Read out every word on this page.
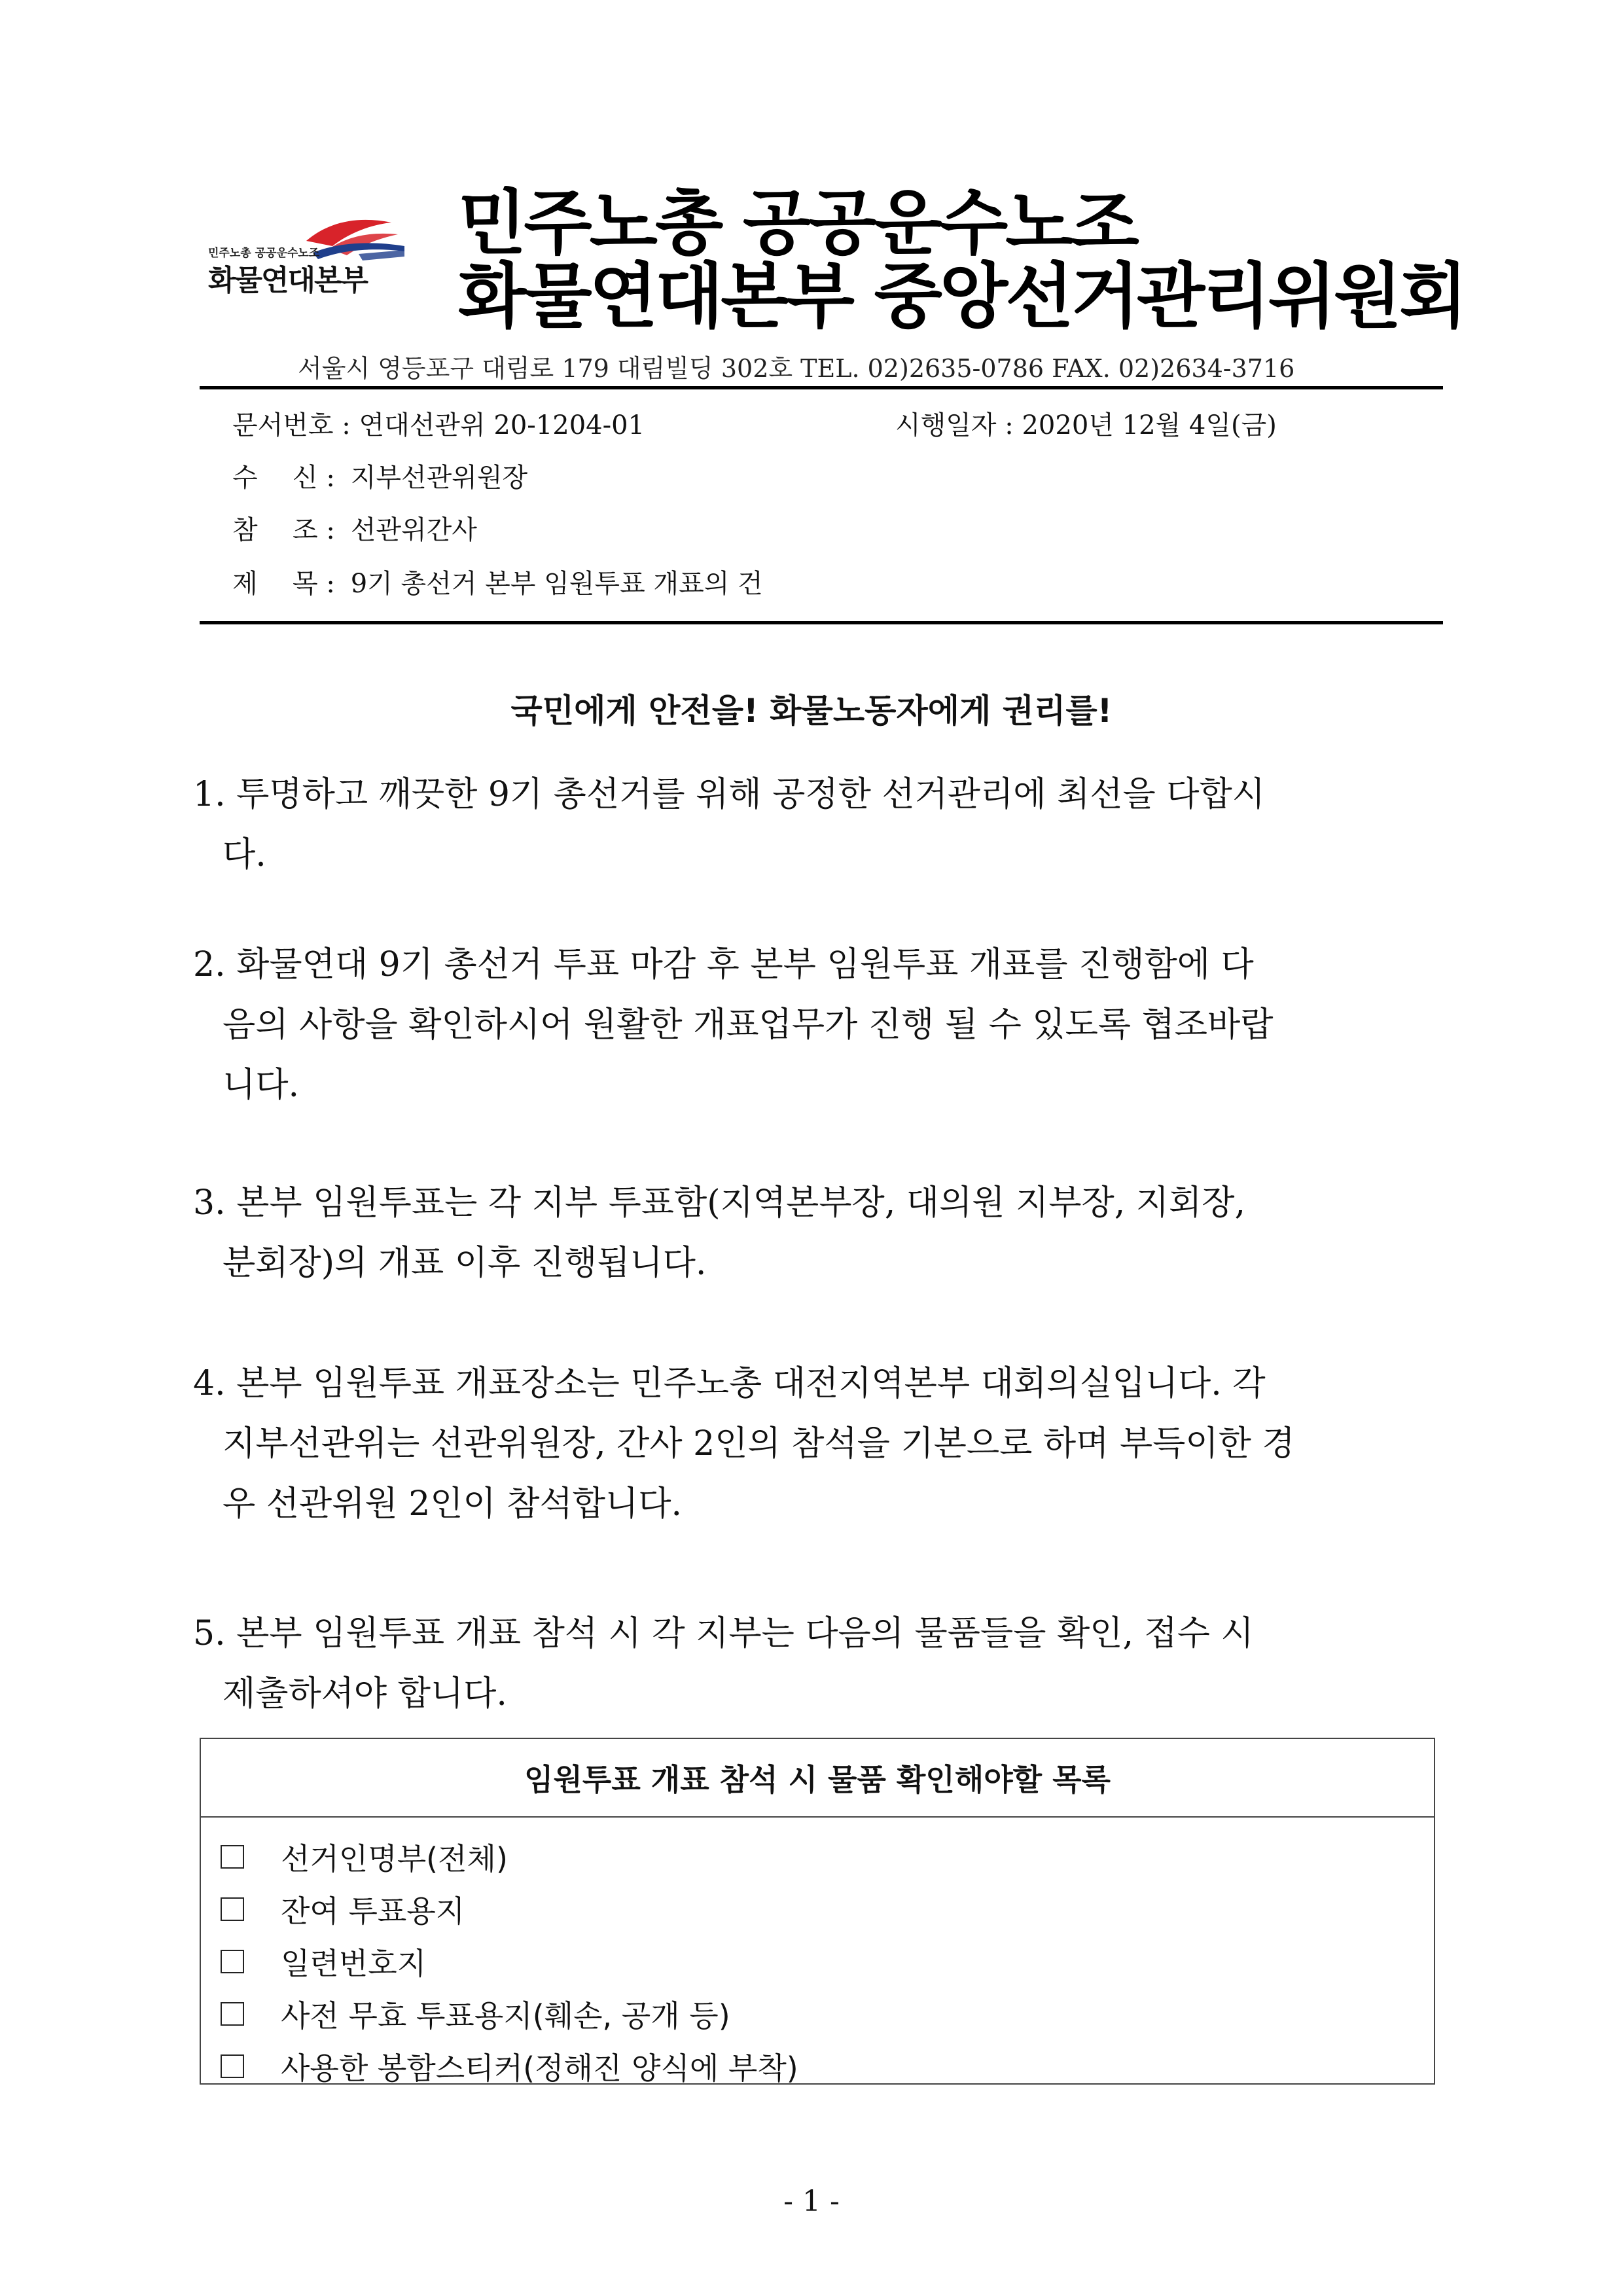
민주노총 공공운수노조
화물연대본부
민주노총 공공운수노조
화물연대본부 중앙선거관리위원회
서울시 영등포구 대림로 179 대림빌딩 302호 TEL. 02)2635-0786 FAX. 02)2634-3716
문서번호 : 연대선관위 20-1204-01	시행일자 : 2020년 12월 4일(금)
수 신 : 지부선관위원장
참 조 : 선관위간사
제 목 : 9기 총선거 본부 임원투표 개표의 건
국민에게 안전을! 화물노동자에게 권리를!
1. 투명하고 깨끗한 9기 총선거를 위해 공정한 선거관리에 최선을 다합시
다.
2. 화물연대 9기 총선거 투표 마감 후 본부 임원투표 개표를 진행함에 다
음의 사항을 확인하시어 원활한 개표업무가 진행 될 수 있도록 협조바랍
니다.
3. 본부 임원투표는 각 지부 투표함(지역본부장, 대의원 지부장, 지회장,
분회장)의 개표 이후 진행됩니다.
4. 본부 임원투표 개표장소는 민주노총 대전지역본부 대회의실입니다. 각
지부선관위는 선관위원장, 간사 2인의 참석을 기본으로 하며 부득이한 경
우 선관위원 2인이 참석합니다.
5. 본부 임원투표 개표 참석 시 각 지부는 다음의 물품들을 확인, 접수 시
제출하셔야 합니다.
임원투표 개표 참석 시 물품 확인해야할 목록
선거인명부(전체)
잔여 투표용지
일련번호지
사전 무효 투표용지(훼손, 공개 등)
사용한 봉함스티커(정해진 양식에 부착)
- 1 -
